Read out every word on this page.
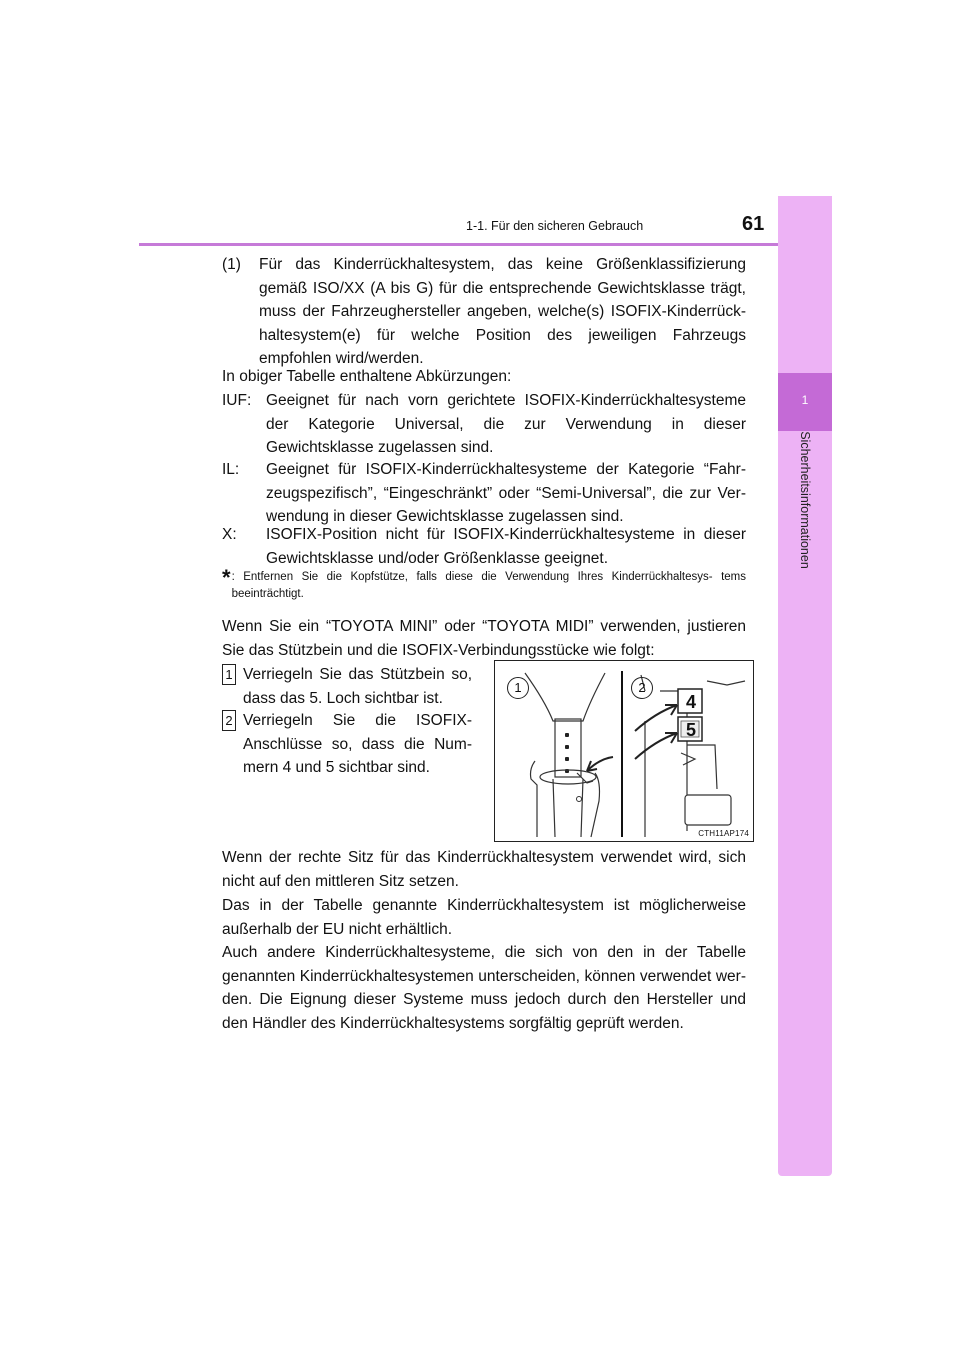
1-1. Für den sicheren Gebrauch	61
1
Sicherheitsinformationen
(1)	Für das Kinderrückhaltesystem, das keine Größenklassifizierung gemäß ISO/XX (A bis G) für die entsprechende Gewichtsklasse trägt, muss der Fahrzeughersteller angeben, welche(s) ISOFIX-Kinderrück- haltesystem(e) für welche Position des jeweiligen Fahrzeugs empfohlen wird/werden.
In obiger Tabelle enthaltene Abkürzungen:
IUF: Geeignet für nach vorn gerichtete ISOFIX-Kinderrückhaltesysteme der Kategorie Universal, die zur Verwendung in dieser Gewichtsklasse zugelassen sind.
IL:	Geeignet für ISOFIX-Kinderrückhaltesysteme der Kategorie “Fahr- zeugspezifisch”, “Eingeschränkt” oder “Semi-Universal”, die zur Ver- wendung in dieser Gewichtsklasse zugelassen sind.
X:	ISOFIX-Position nicht für ISOFIX-Kinderrückhaltesysteme in dieser Gewichtsklasse und/oder Größenklasse geeignet.
* : Entfernen Sie die Kopfstütze, falls diese die Verwendung Ihres Kinderrückhaltesys- tems beeinträchtigt.
Wenn Sie ein “TOYOTA MINI” oder “TOYOTA MIDI” verwenden, justieren Sie das Stützbein und die ISOFIX-Verbindungsstücke wie folgt:
1 Verriegeln Sie das Stützbein so, dass das 5. Loch sichtbar ist.
2 Verriegeln Sie die ISOFIX- Anschlüsse so, dass die Num- mern 4 und 5 sichtbar sind.
1	2
4
5
CTH11AP174
Wenn der rechte Sitz für das Kinderrückhaltesystem verwendet wird, sich nicht auf den mittleren Sitz setzen.
Das in der Tabelle genannte Kinderrückhaltesystem ist möglicherweise außerhalb der EU nicht erhältlich.
Auch andere Kinderrückhaltesysteme, die sich von den in der Tabelle genannten Kinderrückhaltesystemen unterscheiden, können verwendet wer- den. Die Eignung dieser Systeme muss jedoch durch den Hersteller und den Händler des Kinderrückhaltesystems sorgfältig geprüft werden.
